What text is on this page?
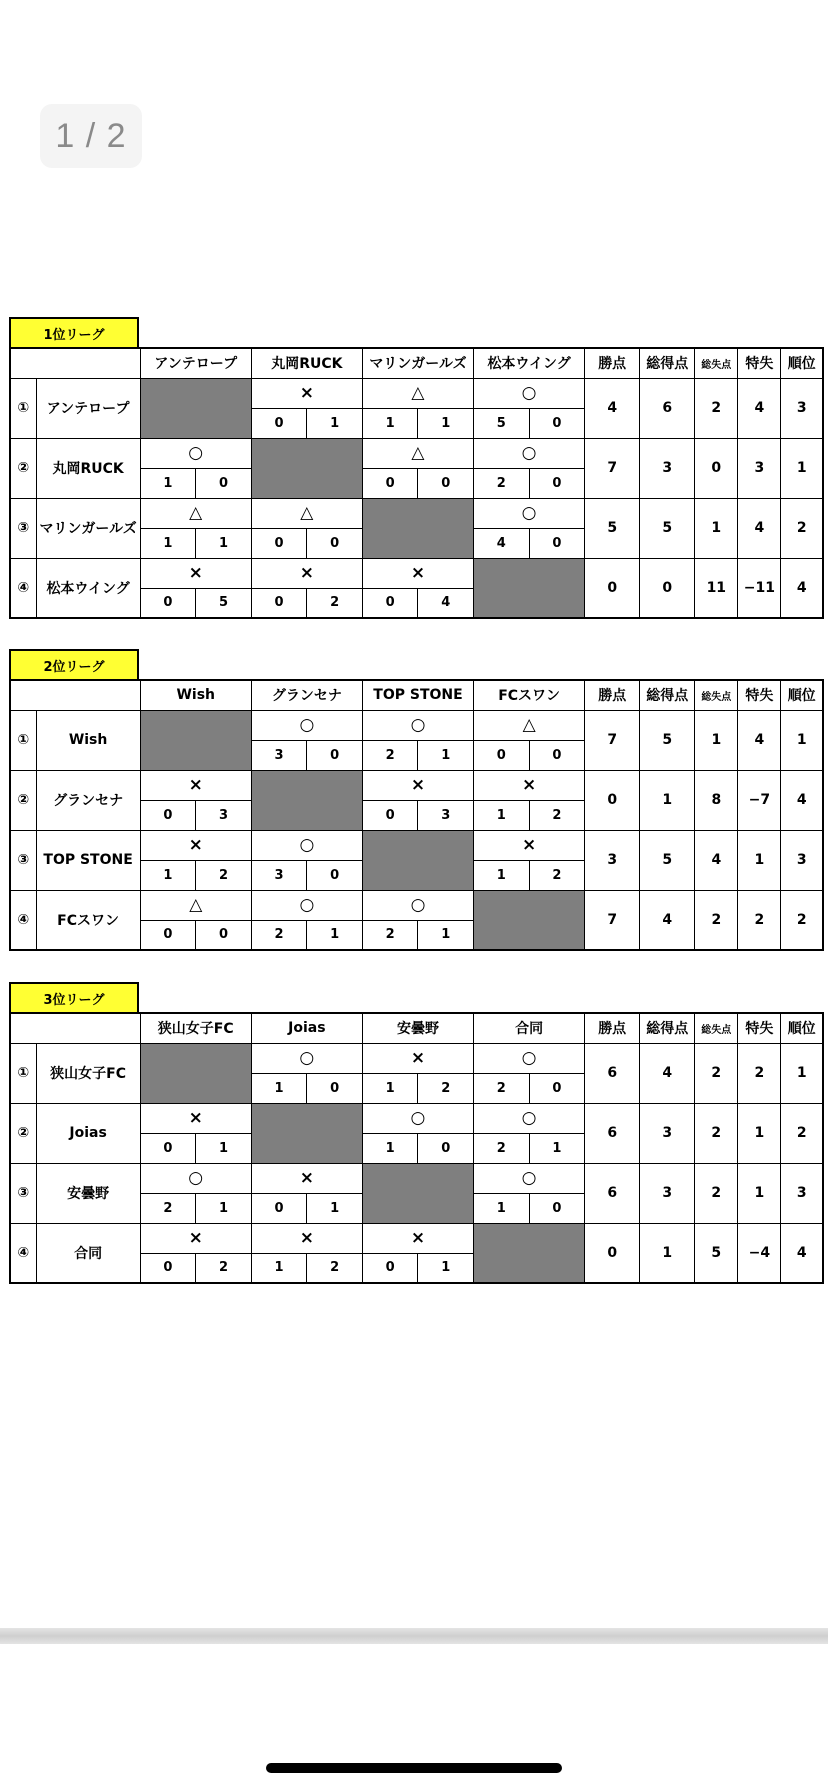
1 / 2
1位リーグ
		アンテロープ		丸岡RUCK		マリンガールズ		松本ウイング		勝点	総得点	総失点	特失	順位
①	アンテロープ			×		△		○		4	6	2	4	3
				0	1	1	1	5	0					
②	丸岡RUCK	○				△		○		7	3	0	3	1
		1	0			0	0	2	0					
③	マリンガールズ	△		△				○		5	5	1	4	2
		1	1	0	0			4	0					
④	松本ウイング	×		×		×				0	0	11	−11	4
		0	5	0	2	0	4							
2位リーグ
		Wish		グランセナ		TOP STONE		FCスワン		勝点	総得点	総失点	特失	順位
①	Wish			○		○		△		7	5	1	4	1
				3	0	2	1	0	0					
②	グランセナ	×				×		×		0	1	8	−7	4
		0	3			0	3	1	2					
③	TOP STONE	×		○				×		3	5	4	1	3
		1	2	3	0			1	2					
④	FCスワン	△		○		○				7	4	2	2	2
		0	0	2	1	2	1							
3位リーグ
		狭山女子FC		Joias		安曇野		合同		勝点	総得点	総失点	特失	順位
①	狭山女子FC			○		×		○		6	4	2	2	1
				1	0	1	2	2	0					
②	Joias	×				○		○		6	3	2	1	2
		0	1			1	0	2	1					
③	安曇野	○		×				○		6	3	2	1	3
		2	1	0	1			1	0					
④	合同	×		×		×				0	1	5	−4	4
		0	2	1	2	0	1							
